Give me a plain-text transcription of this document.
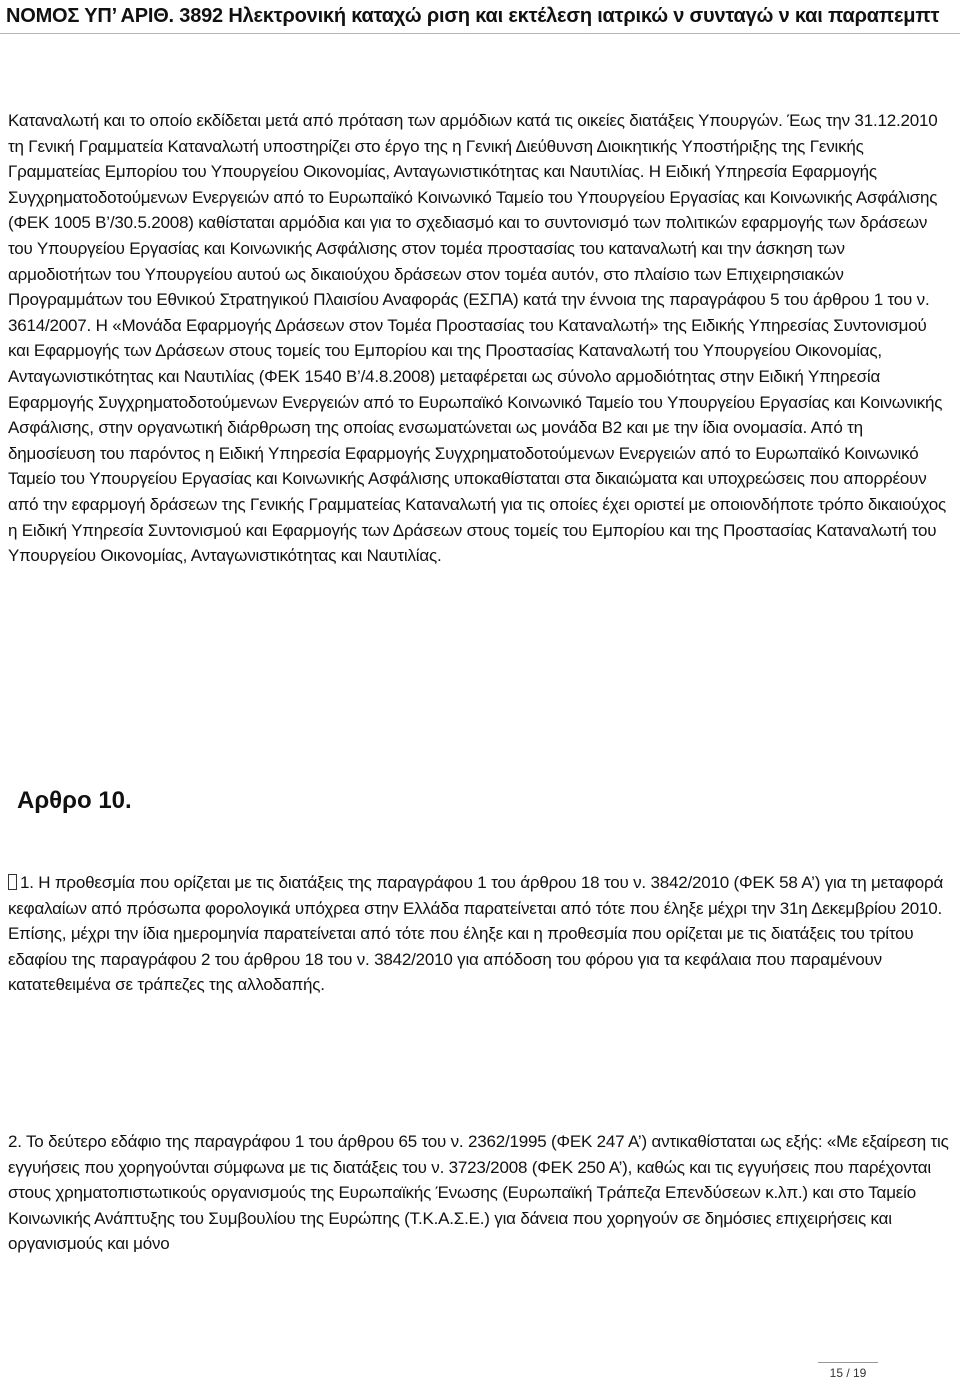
ΝΟΜΟΣ ΥΠ’ ΑΡΙΘ. 3892 Ηλεκτρονική καταχώ ριση και εκτέλεση ιατρικώ ν συνταγώ ν και παραπεμπτ

Καταναλωτή και το οποίο εκδίδεται μετά από πρόταση των αρμόδιων κατά τις οικείες διατάξεις Υπουργών. Έως την 31.12.2010 τη Γενική Γραμματεία Καταναλωτή υποστηρίζει στο έργο της η Γενική Διεύθυνση Διοικητικής Υποστήριξης της Γενικής Γραμματείας Εμπορίου του Υπουργείου Οικονομίας, Ανταγωνιστικότητας και Ναυτιλίας. Η Ειδική Υπηρεσία Εφαρμογής Συγχρηματοδοτούμενων Ενεργειών από το Ευρωπαϊκό Κοινωνικό Ταμείο του Υπουργείου Εργασίας και Κοινωνικής Ασφάλισης (ΦΕΚ 1005 Β’/30.5.2008) καθίσταται αρμόδια και για το σχεδιασμό και το συντονισμό των πολιτικών εφαρμογής των δράσεων του Υπουργείου Εργασίας και Κοινωνικής Ασφάλισης στον τομέα προστασίας του καταναλωτή και την άσκηση των αρμοδιοτήτων του Υπουργείου αυτού ως δικαιούχου δράσεων στον τομέα αυτόν, στο πλαίσιο των Επιχειρησιακών Προγραμμάτων του Εθνικού Στρατηγικού Πλαισίου Αναφοράς (ΕΣΠΑ) κατά την έννοια της παραγράφου 5 του άρθρου 1 του ν. 3614/2007. Η «Μονάδα Εφαρμογής Δράσεων στον Τομέα Προστασίας του Καταναλωτή» της Ειδικής Υπηρεσίας Συντονισμού και Εφαρμογής των Δράσεων στους τομείς του Εμπορίου και της Προστασίας Καταναλωτή του Υπουργείου Οικονομίας, Ανταγωνιστικότητας και Ναυτιλίας (ΦΕΚ 1540 Β’/4.8.2008) μεταφέρεται ως σύνολο αρμοδιότητας στην Ειδική Υπηρεσία Εφαρμογής Συγχρηματοδοτούμενων Ενεργειών από το Ευρωπαϊκό Κοινωνικό Ταμείο του Υπουργείου Εργασίας και Κοινωνικής Ασφάλισης, στην οργανωτική διάρθρωση της οποίας ενσωματώνεται ως μονάδα Β2 και με την ίδια ονομασία. Από τη δημοσίευση του παρόντος η Ειδική Υπηρεσία Εφαρμογής Συγχρηματοδοτούμενων Ενεργειών από το Ευρωπαϊκό Κοινωνικό Ταμείο του Υπουργείου Εργασίας και Κοινωνικής Ασφάλισης υποκαθίσταται στα δικαιώματα και υποχρεώσεις που απορρέουν από την εφαρμογή δράσεων της Γενικής Γραμματείας Καταναλωτή για τις οποίες έχει οριστεί με οποιονδήποτε τρόπο δικαιούχος η Ειδική Υπηρεσία Συντονισμού και Εφαρμογής των Δράσεων στους τομείς του Εμπορίου και της Προστασίας Καταναλωτή του Υπουργείου Οικονομίας, Ανταγωνιστικότητας και Ναυτιλίας.

Αρθρο 10.

1. Η προθεσμία που ορίζεται με τις διατάξεις της παραγράφου 1 του άρθρου 18 του ν. 3842/2010 (ΦΕΚ 58 Α’) για τη μεταφορά κεφαλαίων από πρόσωπα φορολογικά υπόχρεα στην Ελλάδα παρατείνεται από τότε που έληξε μέχρι την 31η Δεκεμβρίου 2010. Επίσης, μέχρι την ίδια ημερομηνία παρατείνεται από τότε που έληξε και η προθεσμία που ορίζεται με τις διατάξεις του τρίτου εδαφίου της παραγράφου 2 του άρθρου 18 του ν. 3842/2010 για απόδοση του φόρου για τα κεφάλαια που παραμένουν κατατεθειμένα σε τράπεζες της αλλοδαπής.

2. Το δεύτερο εδάφιο της παραγράφου 1 του άρθρου 65 του ν. 2362/1995 (ΦΕΚ 247 Α’) αντικαθίσταται ως εξής: «Με εξαίρεση τις εγγυήσεις που χορηγούνται σύμφωνα με τις διατάξεις του ν. 3723/2008 (ΦΕΚ 250 Α’), καθώς και τις εγγυήσεις που παρέχονται στους χρηματοπιστωτικούς οργανισμούς της Ευρωπαϊκής Ένωσης (Ευρωπαϊκή Τράπεζα Επενδύσεων κ.λπ.) και στο Ταμείο Κοινωνικής Ανάπτυξης του Συμβουλίου της Ευρώπης (Τ.Κ.Α.Σ.Ε.) για δάνεια που χορηγούν σε δημόσιες επιχειρήσεις και οργανισμούς και μόνο

15 / 19
